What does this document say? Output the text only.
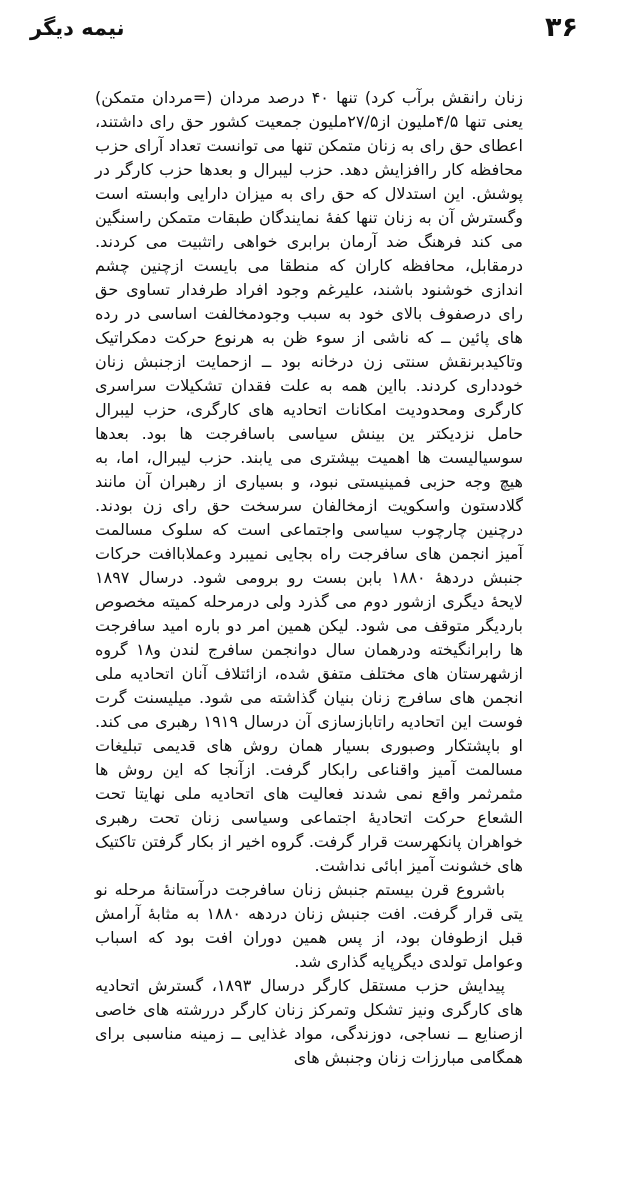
۳۶
نیمه دیگر

زنان رانقش برآب کرد) تنها ۴۰ درصد مردان (=مردان متمکن) یعنی تنها ۴/۵ملیون از۲۷/۵ملیون جمعیت کشور حق رای داشتند، اعطای حق رای به زنان متمکن تنها می توانست تعداد آرای حزب محافظه کار راافزایش دهد. حزب لیبرال و بعدها حزب کارگر در پوشش. این استدلال که حق رای به میزان دارایی وابسته است وگسترش آن به زنان تنها کفهٔ نمایندگان طبقات متمکن راسنگین می کند فرهنگ ضد آرمان برابری خواهی راتثبیت می کردند. درمقابل، محافظه کاران که منطقا می بایست ازچنین چشم اندازی خوشنود باشند، علیرغم وجود افراد طرفدار تساوی حق رای درصفوف بالای خود به سبب وجودمخالفت اساسی در رده های پائین ــ که ناشی از سوء ظن به هرنوع حرکت دمکراتیک وتاکیدبرنقش سنتی زن درخانه بود ــ ازحمایت ازجنبش زنان خودداری کردند. بااین همه به علت فقدان تشکیلات سراسری کارگری ومحدودیت امکانات اتحادیه های کارگری، حزب لیبرال حامل نزدیکتر ین بینش سیاسی باسافرجت ها بود. بعدها سوسیالیست ها اهمیت بیشتری می یابند. حزب لیبرال، اما، به هیچ وجه حزبی فمینیستی نبود، و بسیاری از رهبران آن مانند گلادستون واسکویت ازمخالفان سرسخت حق رای زن بودند. درچنین چارچوب سیاسی واجتماعی است که سلوک مسالمت آمیز انجمن های سافرجت راه بجایی نمیبرد وعملاباافت حرکات جنبش دردههٔ ۱۸۸۰ بابن بست رو برومی شود. درسال ۱۸۹۷ لایحهٔ دیگری ازشور دوم می گذرد ولی درمرحله کمیته مخصوص باردیگر متوقف می شود. لیکن همین امر دو باره امید سافرجت ها رابرانگیخته ودرهمان سال دوانجمن سافرج لندن و۱۸ گروه ازشهرستان های مختلف متفق شده، ازائتلاف آنان اتحادیه ملی انجمن های سافرج زنان بنیان گذاشته می شود. میلیسنت گرت فوست این اتحادیه راتابازسازی آن درسال ۱۹۱۹ رهبری می کند. او باپشتکار وصبوری بسیار همان روش های قدیمی تبلیغات مسالمت آمیز واقناعی رابکار گرفت. ازآنجا که این روش ها مثمرثمر واقع نمی شدند فعالیت های اتحادیه ملی نهایتا تحت الشعاع حرکت اتحادیهٔ اجتماعی وسیاسی زنان تحت رهبری خواهران پانکهرست قرار گرفت. گروه اخیر از بکار گرفتن تاکتیک های خشونت آمیز ابائی نداشت.

باشروع قرن بیستم جنبش زنان سافرجت درآستانهٔ مرحله نو یتی قرار گرفت. افت جنبش زنان دردهه ۱۸۸۰ به مثابهٔ آرامش قبل ازطوفان بود، از پس همین دوران افت بود که اسباب وعوامل تولدی دیگرپایه گذاری شد.

پیدایش حزب مستقل کارگر درسال ۱۸۹۳، گسترش اتحادیه های کارگری ونیز تشکل وتمرکز زنان کارگر دررشته های خاصی ازصنایع ــ نساجی، دوزندگی، مواد غذایی ــ زمینه مناسبی برای همگامی مبارزات زنان وجنبش های
